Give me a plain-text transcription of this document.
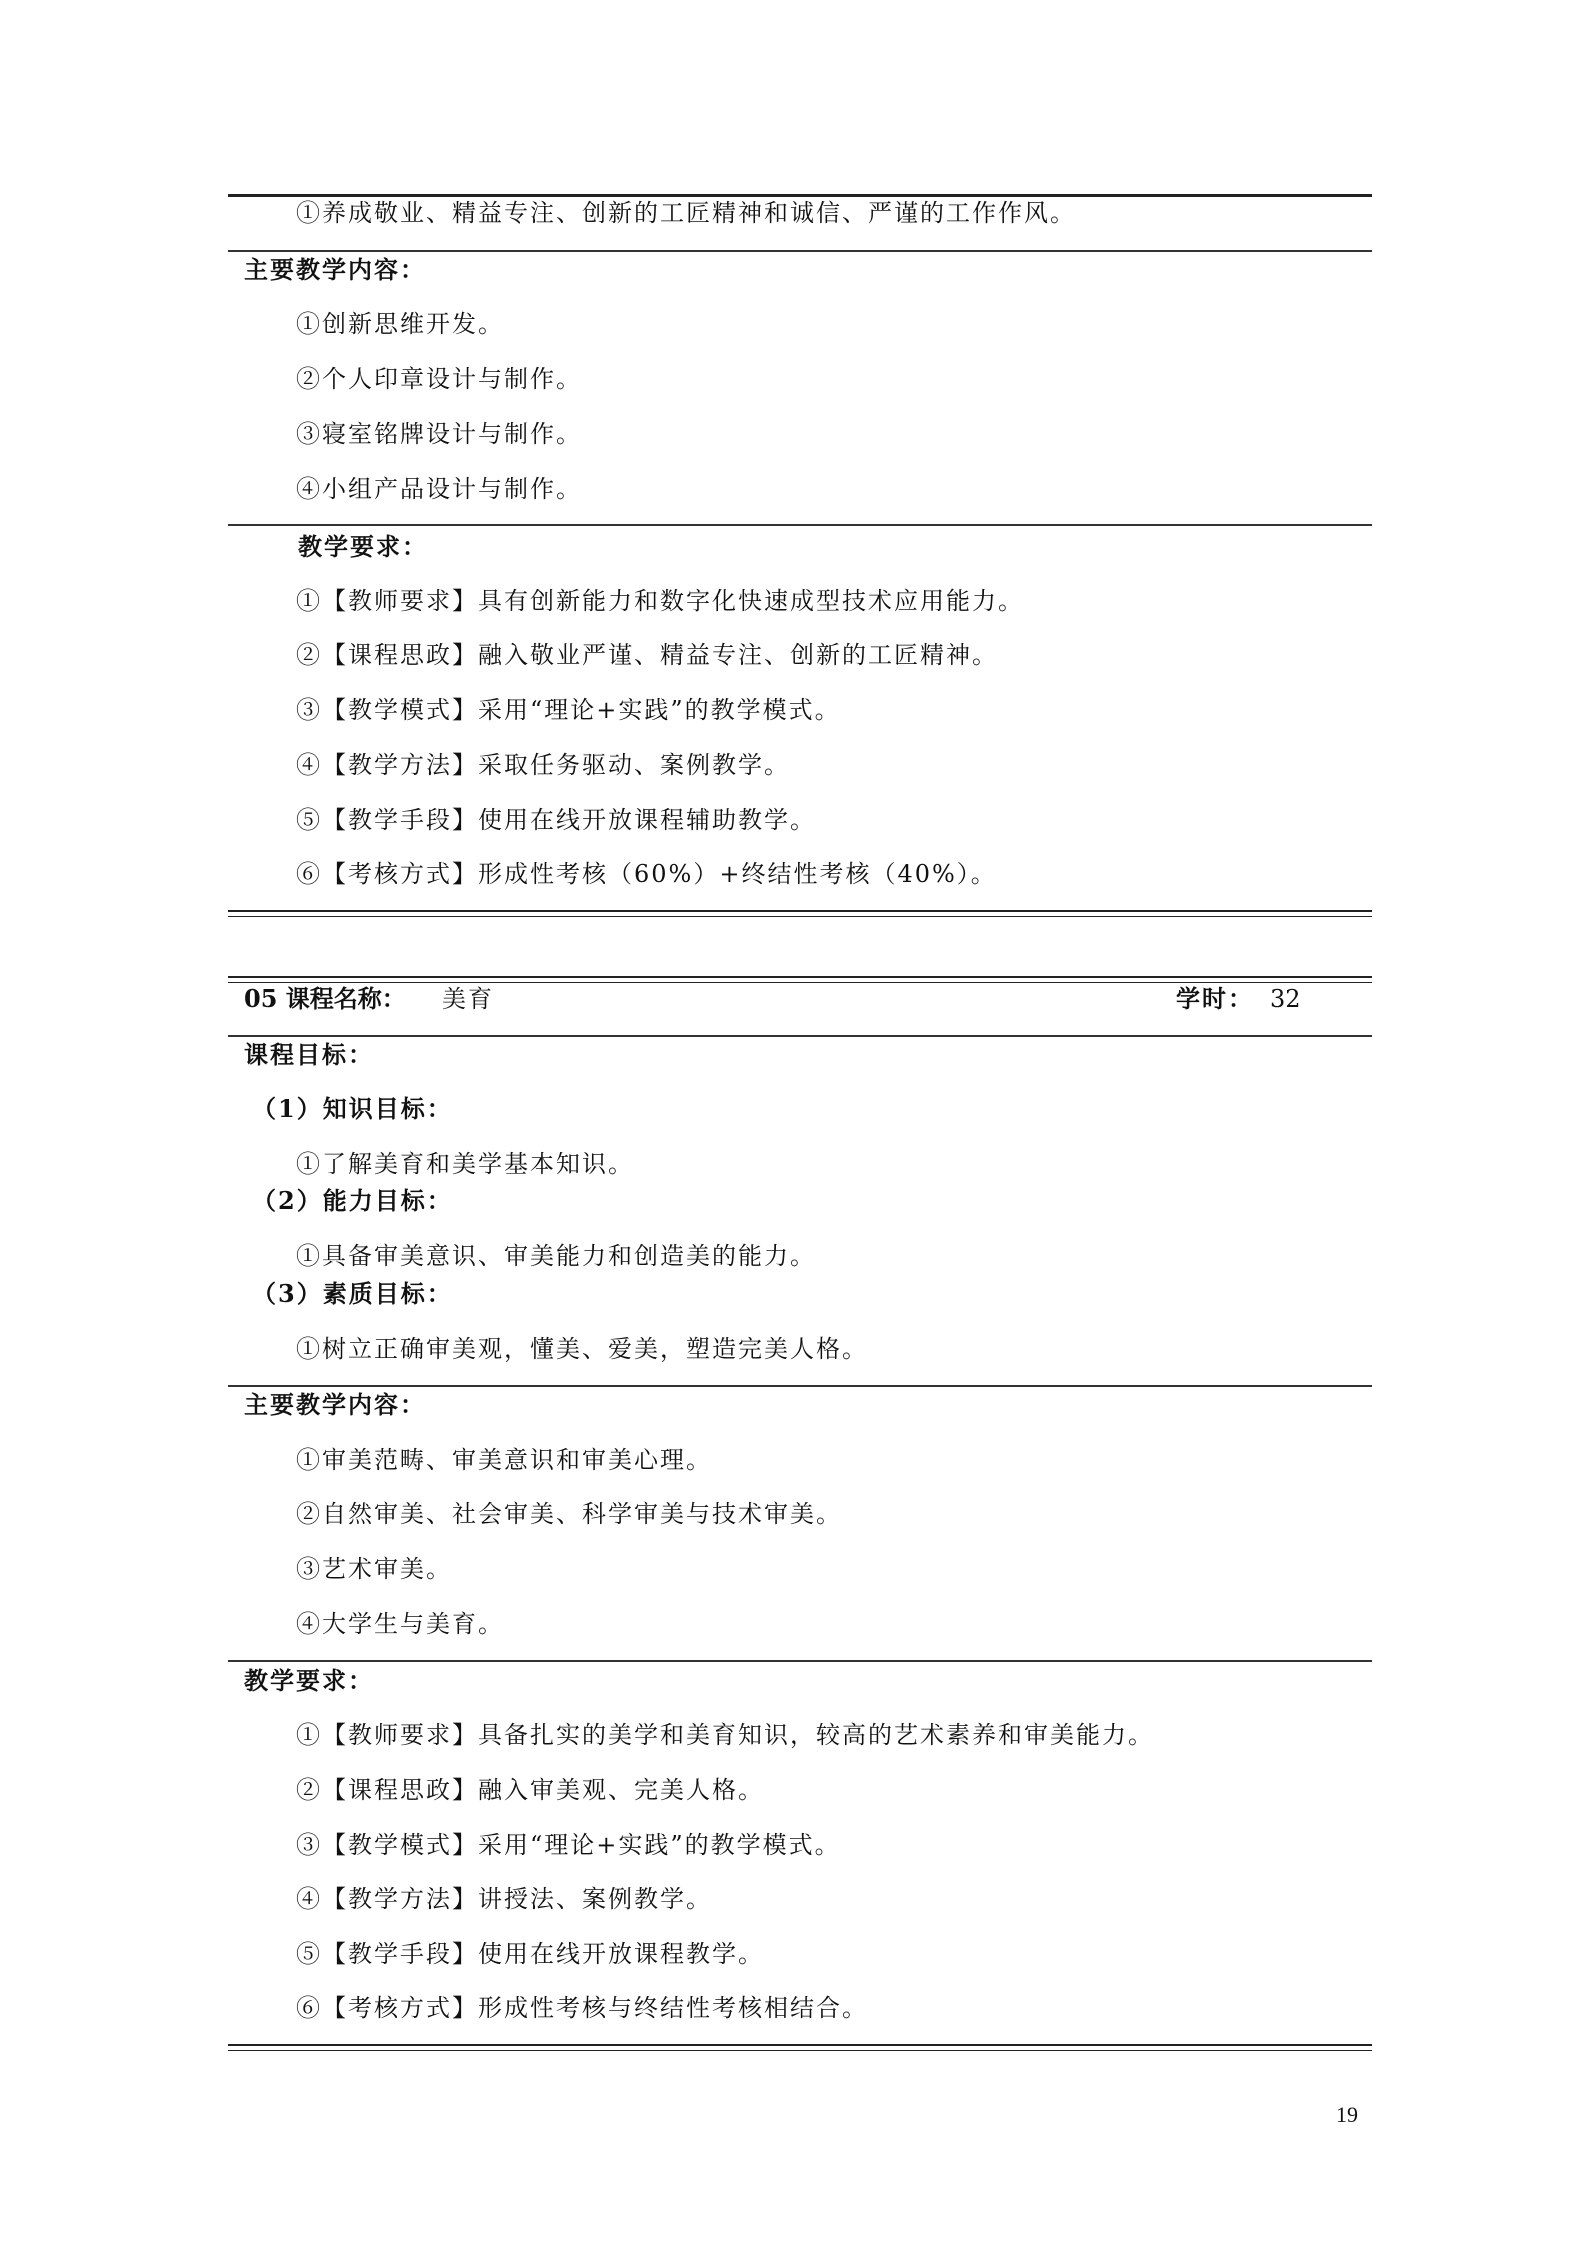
①养成敬业、精益专注、创新的工匠精神和诚信、严谨的工作作风。
主要教学内容：
①创新思维开发。
②个人印章设计与制作。
③寝室铭牌设计与制作。
④小组产品设计与制作。
教学要求：
①【教师要求】具有创新能力和数字化快速成型技术应用能力。
②【课程思政】融入敬业严谨、精益专注、创新的工匠精神。
③【教学模式】采用“理论+实践”的教学模式。
④【教学方法】采取任务驱动、案例教学。
⑤【教学手段】使用在线开放课程辅助教学。
⑥【考核方式】形成性考核（60%）+终结性考核（40%）。
05 课程名称： 美育	学时： 32
课程目标：
（1）知识目标：
①了解美育和美学基本知识。
（2）能力目标：
①具备审美意识、审美能力和创造美的能力。
（3）素质目标：
①树立正确审美观，懂美、爱美，塑造完美人格。
主要教学内容：
①审美范畴、审美意识和审美心理。
②自然审美、社会审美、科学审美与技术审美。
③艺术审美。
④大学生与美育。
教学要求：
①【教师要求】具备扎实的美学和美育知识，较高的艺术素养和审美能力。
②【课程思政】融入审美观、完美人格。
③【教学模式】采用“理论+实践”的教学模式。
④【教学方法】讲授法、案例教学。
⑤【教学手段】使用在线开放课程教学。
⑥【考核方式】形成性考核与终结性考核相结合。
19
